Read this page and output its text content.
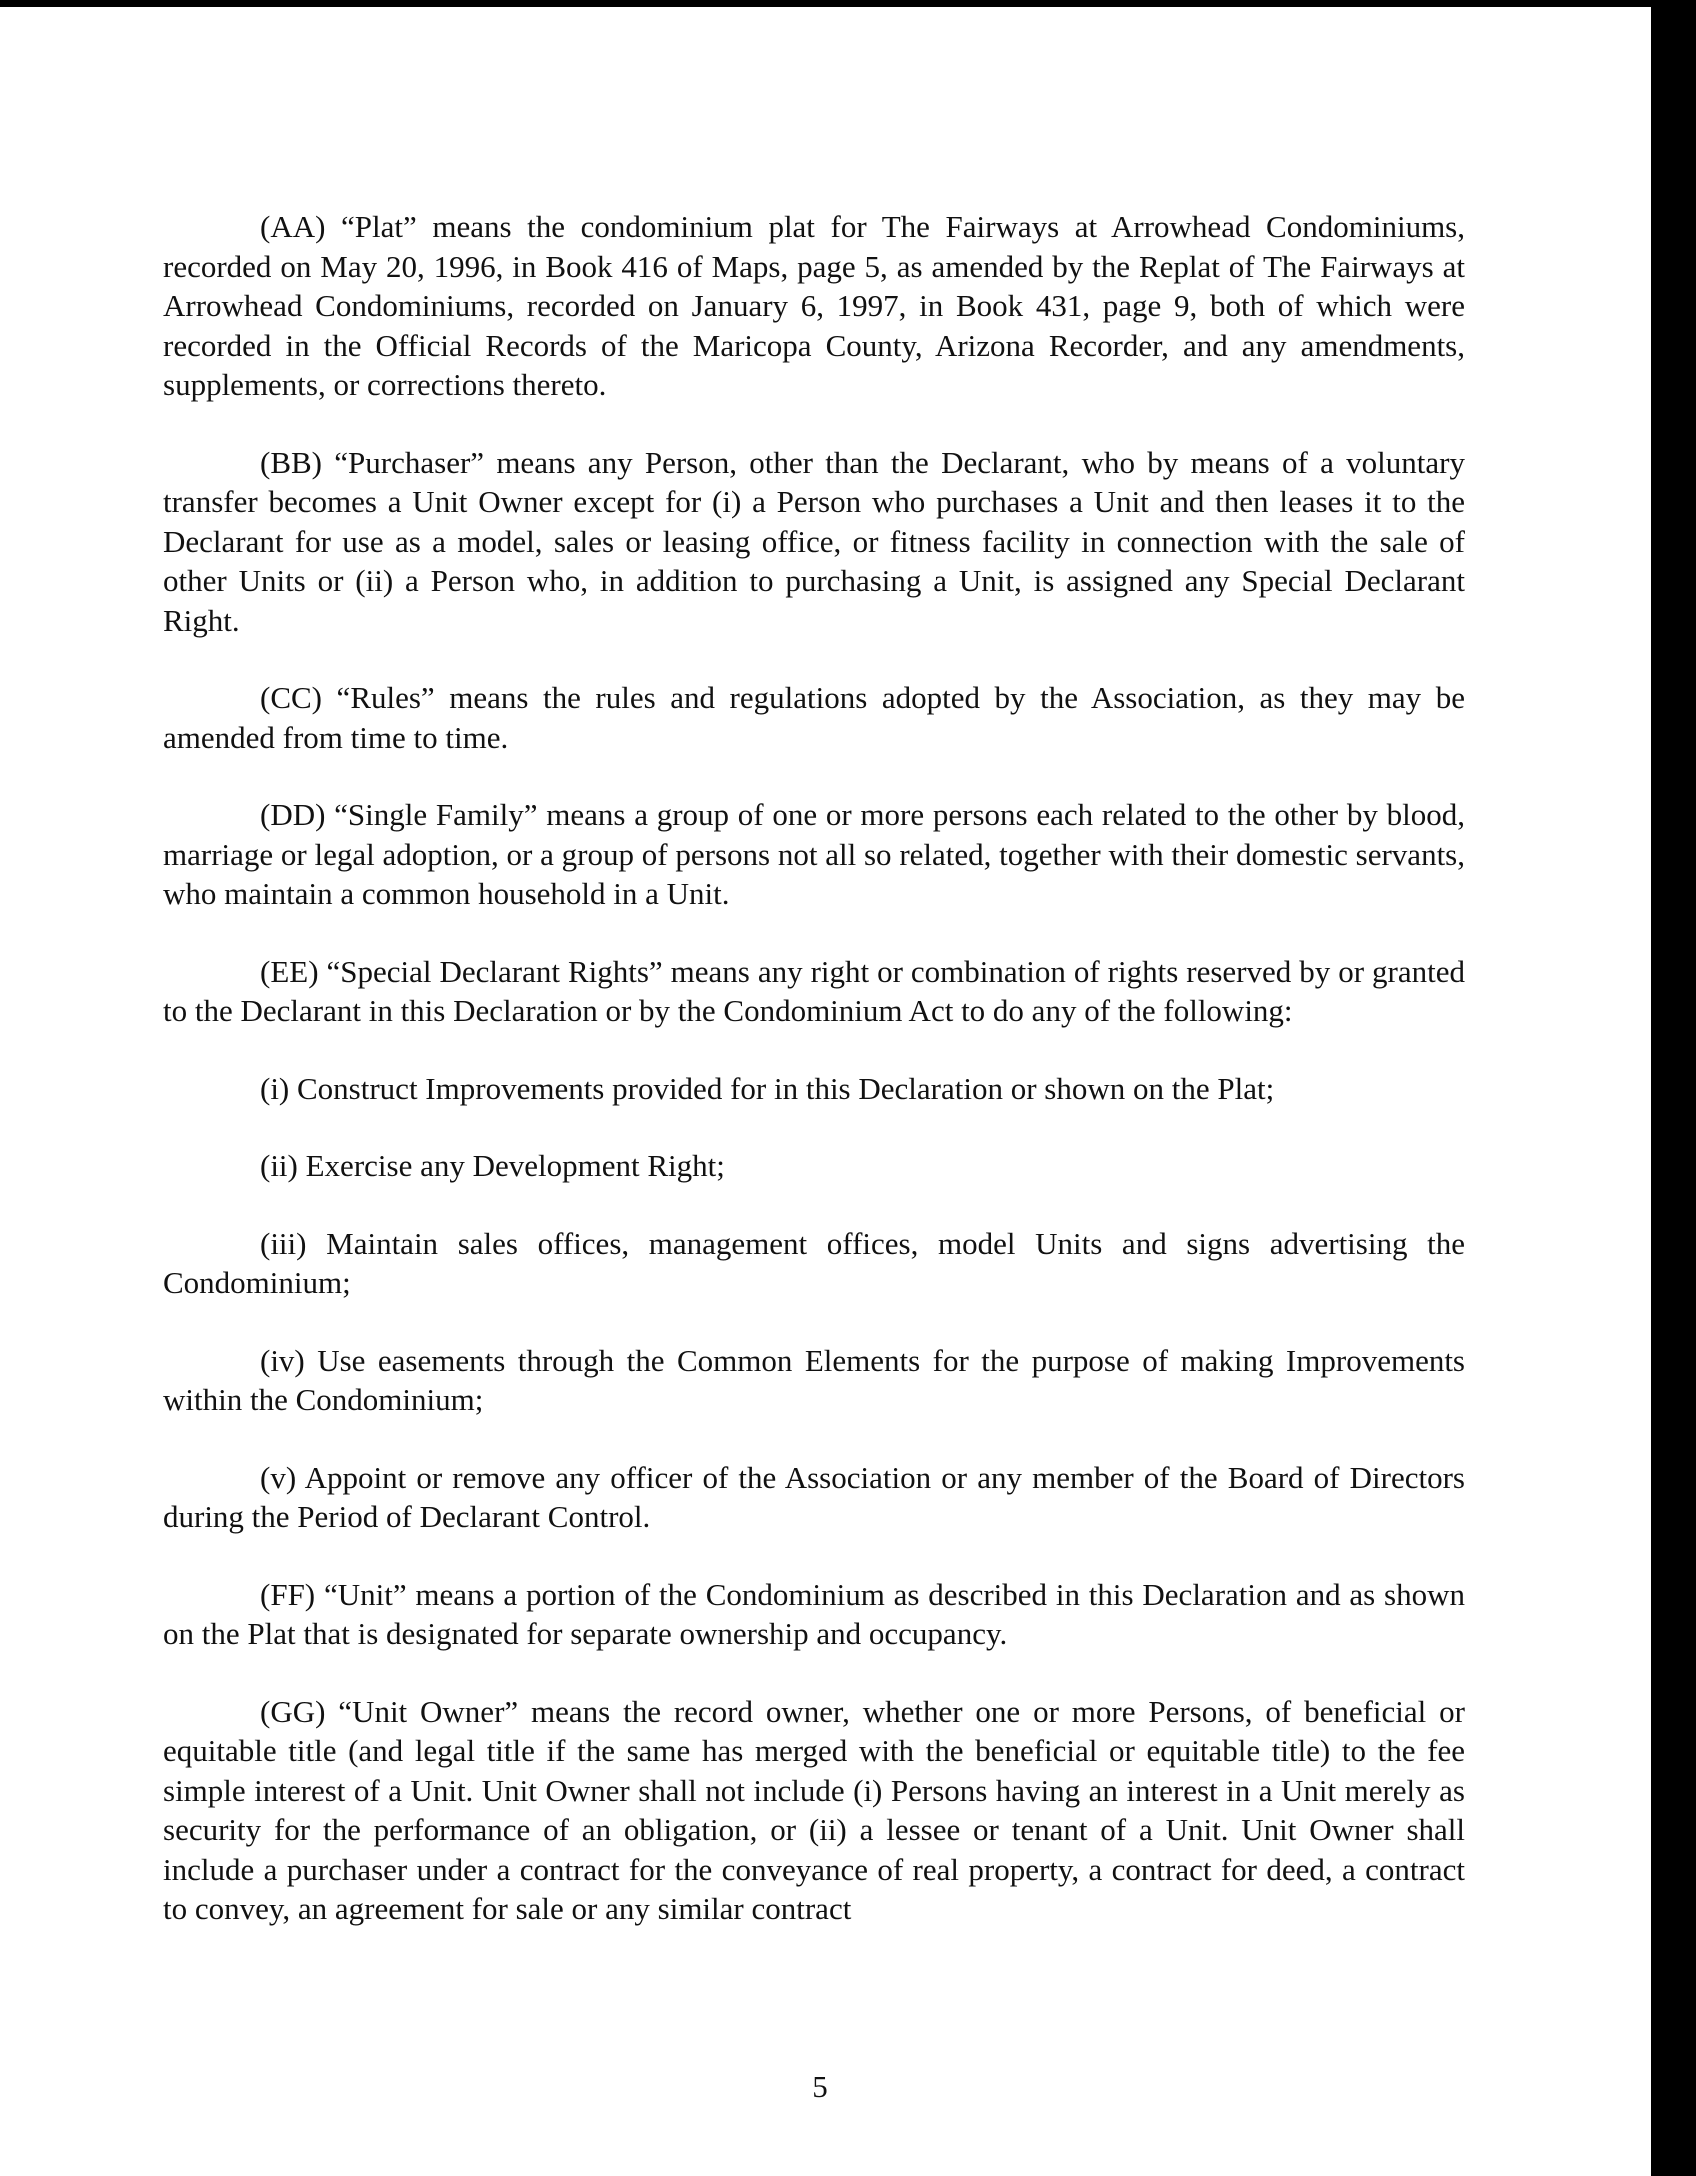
(AA) “Plat” means the condominium plat for The Fairways at Arrowhead Condominiums, recorded on May 20, 1996, in Book 416 of Maps, page 5, as amended by the Replat of The Fairways at Arrowhead Condominiums, recorded on January 6, 1997, in Book 431, page 9, both of which were recorded in the Official Records of the Maricopa County, Arizona Recorder, and any amendments, supplements, or corrections thereto.

(BB) “Purchaser” means any Person, other than the Declarant, who by means of a voluntary transfer becomes a Unit Owner except for (i) a Person who purchases a Unit and then leases it to the Declarant for use as a model, sales or leasing office, or fitness facility in connection with the sale of other Units or (ii) a Person who, in addition to purchasing a Unit, is assigned any Special Declarant Right.

(CC) “Rules” means the rules and regulations adopted by the Association, as they may be amended from time to time.

(DD) “Single Family” means a group of one or more persons each related to the other by blood, marriage or legal adoption, or a group of persons not all so related, together with their domestic servants, who maintain a common household in a Unit.

(EE) “Special Declarant Rights” means any right or combination of rights reserved by or granted to the Declarant in this Declaration or by the Condominium Act to do any of the following:

(i) Construct Improvements provided for in this Declaration or shown on the Plat;

(ii) Exercise any Development Right;

(iii) Maintain sales offices, management offices, model Units and signs advertising the Condominium;

(iv) Use easements through the Common Elements for the purpose of making Improvements within the Condominium;

(v) Appoint or remove any officer of the Association or any member of the Board of Directors during the Period of Declarant Control.

(FF) “Unit” means a portion of the Condominium as described in this Declaration and as shown on the Plat that is designated for separate ownership and occupancy.

(GG) “Unit Owner” means the record owner, whether one or more Persons, of beneficial or equitable title (and legal title if the same has merged with the beneficial or equitable title) to the fee simple interest of a Unit. Unit Owner shall not include (i) Persons having an interest in a Unit merely as security for the performance of an obligation, or (ii) a lessee or tenant of a Unit. Unit Owner shall include a purchaser under a contract for the conveyance of real property, a contract for deed, a contract to convey, an agreement for sale or any similar contract

5
